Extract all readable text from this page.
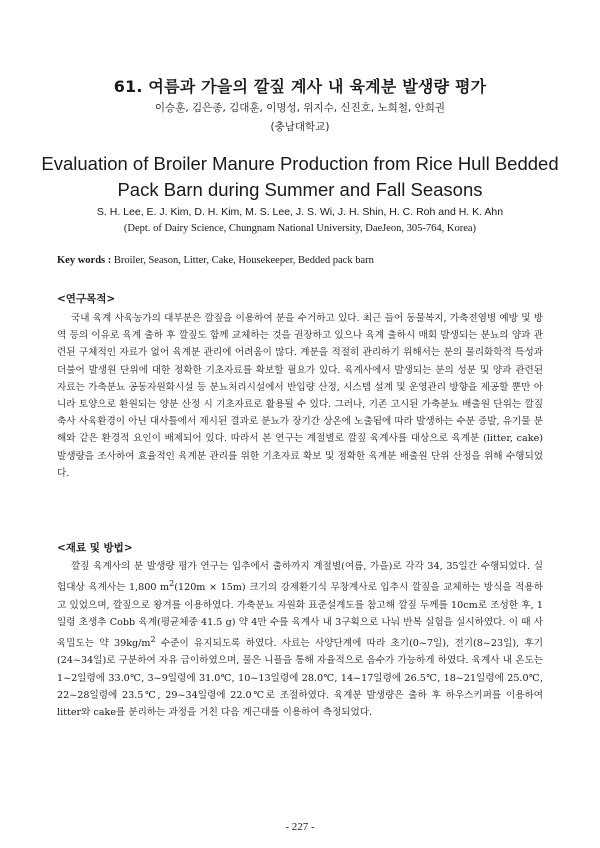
61. 여름과 가을의 깔짚 계사 내 육계분 발생량 평가
이승훈, 김은종, 김대훈, 이명성, 위지수, 신진호, 노희철, 안희권
(충남대학교)
Evaluation of Broiler Manure Production from Rice Hull Bedded Pack Barn during Summer and Fall Seasons
S. H. Lee, E. J. Kim, D. H. Kim, M. S. Lee, J. S. Wi, J. H. Shin, H. C. Roh and H. K. Ahn
(Dept. of Dairy Science, Chungnam National University, DaeJeon, 305-764, Korea)
Key words : Broiler, Season, Litter, Cake, Housekeeper, Bedded pack barn
<연구목적>

국내 육계 사육농가의 대부분은 깔짚을 이용하여 분을 수거하고 있다. 최근 들어 동물복지, 가축전염병 예방 및 방역 등의 이유로 육계 출하 후 깔짚도 함께 교체하는 것을 권장하고 있으나 육계 출하시 매회 발생되는 분뇨의 양과 관련된 구체적인 자료가 없어 육계분 관리에 어려움이 많다. 계분을 적절히 관리하기 위해서는 분의 물리화학적 특성과 더불어 발생원 단위에 대한 정확한 기초자료를 확보할 필요가 있다. 육계사에서 발생되는 분의 성분 및 양과 관련된 자료는 가축분뇨 공동자원화시설 등 분뇨처리시설에서 반입량 산정, 시스템 설계 및 운영관리 방향을 제공할 뿐만 아니라 토양으로 환원되는 양분 산정 시 기초자료로 활용될 수 있다. 그러나, 기존 고시된 가축분뇨 배출원 단위는 깔짚 축사 사육환경이 아닌 대사틀에서 제시된 결과로 분뇨가 장기간 상온에 노출됨에 따라 발생하는 수분 증발, 유기물 분해와 같은 환경적 요인이 배제되어 있다. 따라서 본 연구는 계절별로 깔짚 육계사를 대상으로 육계분 (litter, cake) 발생량을 조사하여 효율적인 육계분 관리를 위한 기초자료 확보 및 정확한 육계분 배출원 단위 산정을 위해 수행되었다.

<재료 및 방법>

깔짚 육계사의 분 발생량 평가 연구는 입추에서 출하까지 계절별(여름, 가을)로 각각 34, 35일간 수행되었다. 실험대상 육계사는 1,800 $m^2(120m \times 15m)$ 크기의 강제환기식 무창계사로 입추시 깔짚을 교체하는 방식을 적용하고 있었으며, 깔짚으로 왕겨를 이용하였다. 가축분뇨 자원화 표준설계도를 참고해 깔짚 두께를 10cm로 조성한 후, 1일령 초생추 Cobb 육계(평균체중 41.5 g) 약 4만 수를 육계사 내 3구획으로 나눠 반복 실험을 실시하였다. 이 때 사육밀도는 약 $39kg/m^2$ 수준이 유지되도록 하였다. 사료는 사양단계에 따라 초기(0~7일), 전기(8~23일), 후기(24~34일)로 구분하여 자유 급이하였으며, 물은 니플을 통해 자율적으로 음수가 가능하게 하였다. 육계사 내 온도는 1~2일령에 33.0℃, 3~9일령에 31.0℃, 10~13일령에 28.0℃, 14~17일령에 26.5℃, 18~21일령에 25.0℃, 22~28일령에 23.5℃, 29~34일령에 22.0℃로 조절하였다. 육계분 발생량은 출하 후 하우스키퍼를 이용하여 litter와 cake를 분리하는 과정을 거친 다음 계근대를 이용하여 측정되었다.

- 227 -
